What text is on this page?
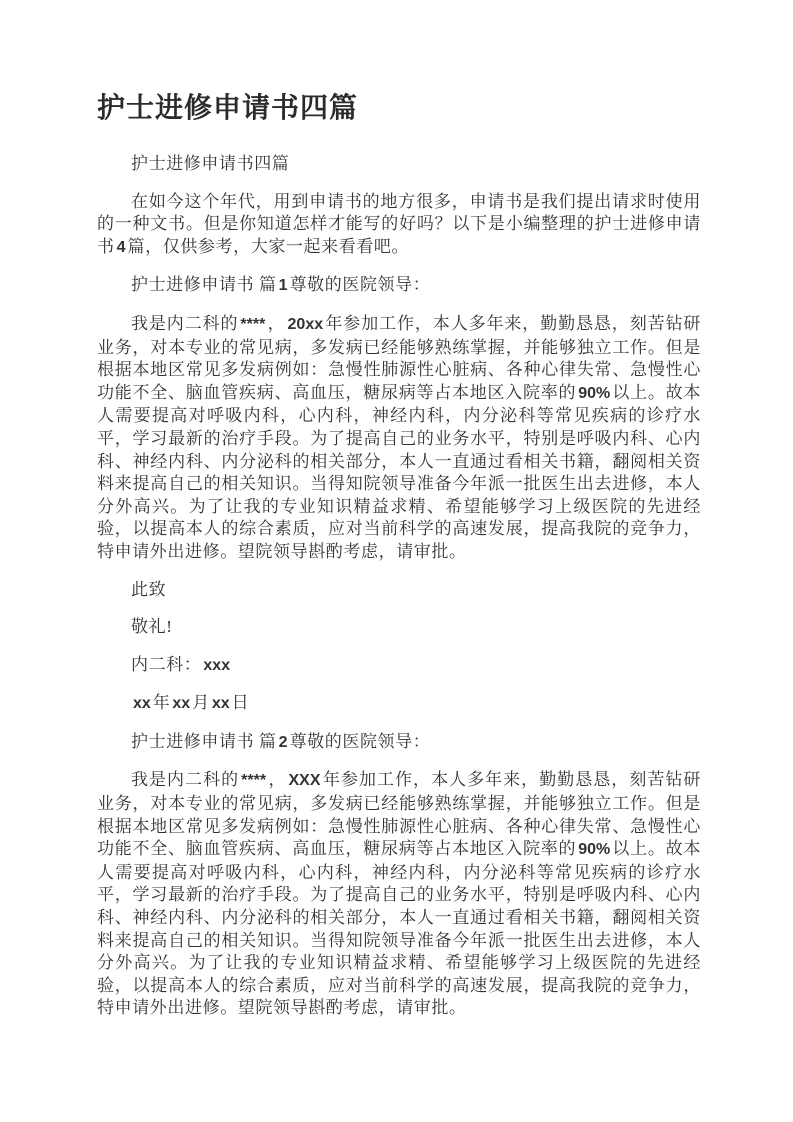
护士进修申请书四篇

护士进修申请书四篇

在如今这个年代，用到申请书的地方很多，申请书是我们提出请求时使用的一种文书。但是你知道怎样才能写的好吗？以下是小编整理的护士进修申请书 4 篇，仅供参考，大家一起来看看吧。

护士进修申请书 篇 1 尊敬的医院领导：

我是内二科的 **** ， 20xx 年参加工作，本人多年来，勤勤恳恳，刻苦钻研业务，对本专业的常见病，多发病已经能够熟练掌握，并能够独立工作。但是根据本地区常见多发病例如：急慢性肺源性心脏病、各种心律失常、急慢性心功能不全、脑血管疾病、高血压，糖尿病等占本地区入院率的 90% 以上。故本人需要提高对呼吸内科，心内科，神经内科，内分泌科等常见疾病的诊疗水平，学习最新的治疗手段。为了提高自己的业务水平，特别是呼吸内科、心内科、神经内科、内分泌科的相关部分，本人一直通过看相关书籍，翻阅相关资料来提高自己的相关知识。当得知院领导准备今年派一批医生出去进修，本人分外高兴。为了让我的专业知识精益求精、希望能够学习上级医院的先进经验，以提高本人的综合素质，应对当前科学的高速发展，提高我院的竞争力，特申请外出进修。望院领导斟酌考虑，请审批。

此致

敬礼!

内二科： xxx

xx 年 xx 月 xx 日

护士进修申请书 篇 2 尊敬的医院领导：

我是内二科的 **** ， XXX 年参加工作，本人多年来，勤勤恳恳，刻苦钻研业务，对本专业的常见病，多发病已经能够熟练掌握，并能够独立工作。但是根据本地区常见多发病例如：急慢性肺源性心脏病、各种心律失常、急慢性心功能不全、脑血管疾病、高血压，糖尿病等占本地区入院率的 90% 以上。故本人需要提高对呼吸内科，心内科，神经内科，内分泌科等常见疾病的诊疗水平，学习最新的治疗手段。为了提高自己的业务水平，特别是呼吸内科、心内科、神经内科、内分泌科的相关部分，本人一直通过看相关书籍，翻阅相关资料来提高自己的相关知识。当得知院领导准备今年派一批医生出去进修，本人分外高兴。为了让我的专业知识精益求精、希望能够学习上级医院的先进经验，以提高本人的综合素质，应对当前科学的高速发展，提高我院的竞争力，特申请外出进修。望院领导斟酌考虑，请审批。
